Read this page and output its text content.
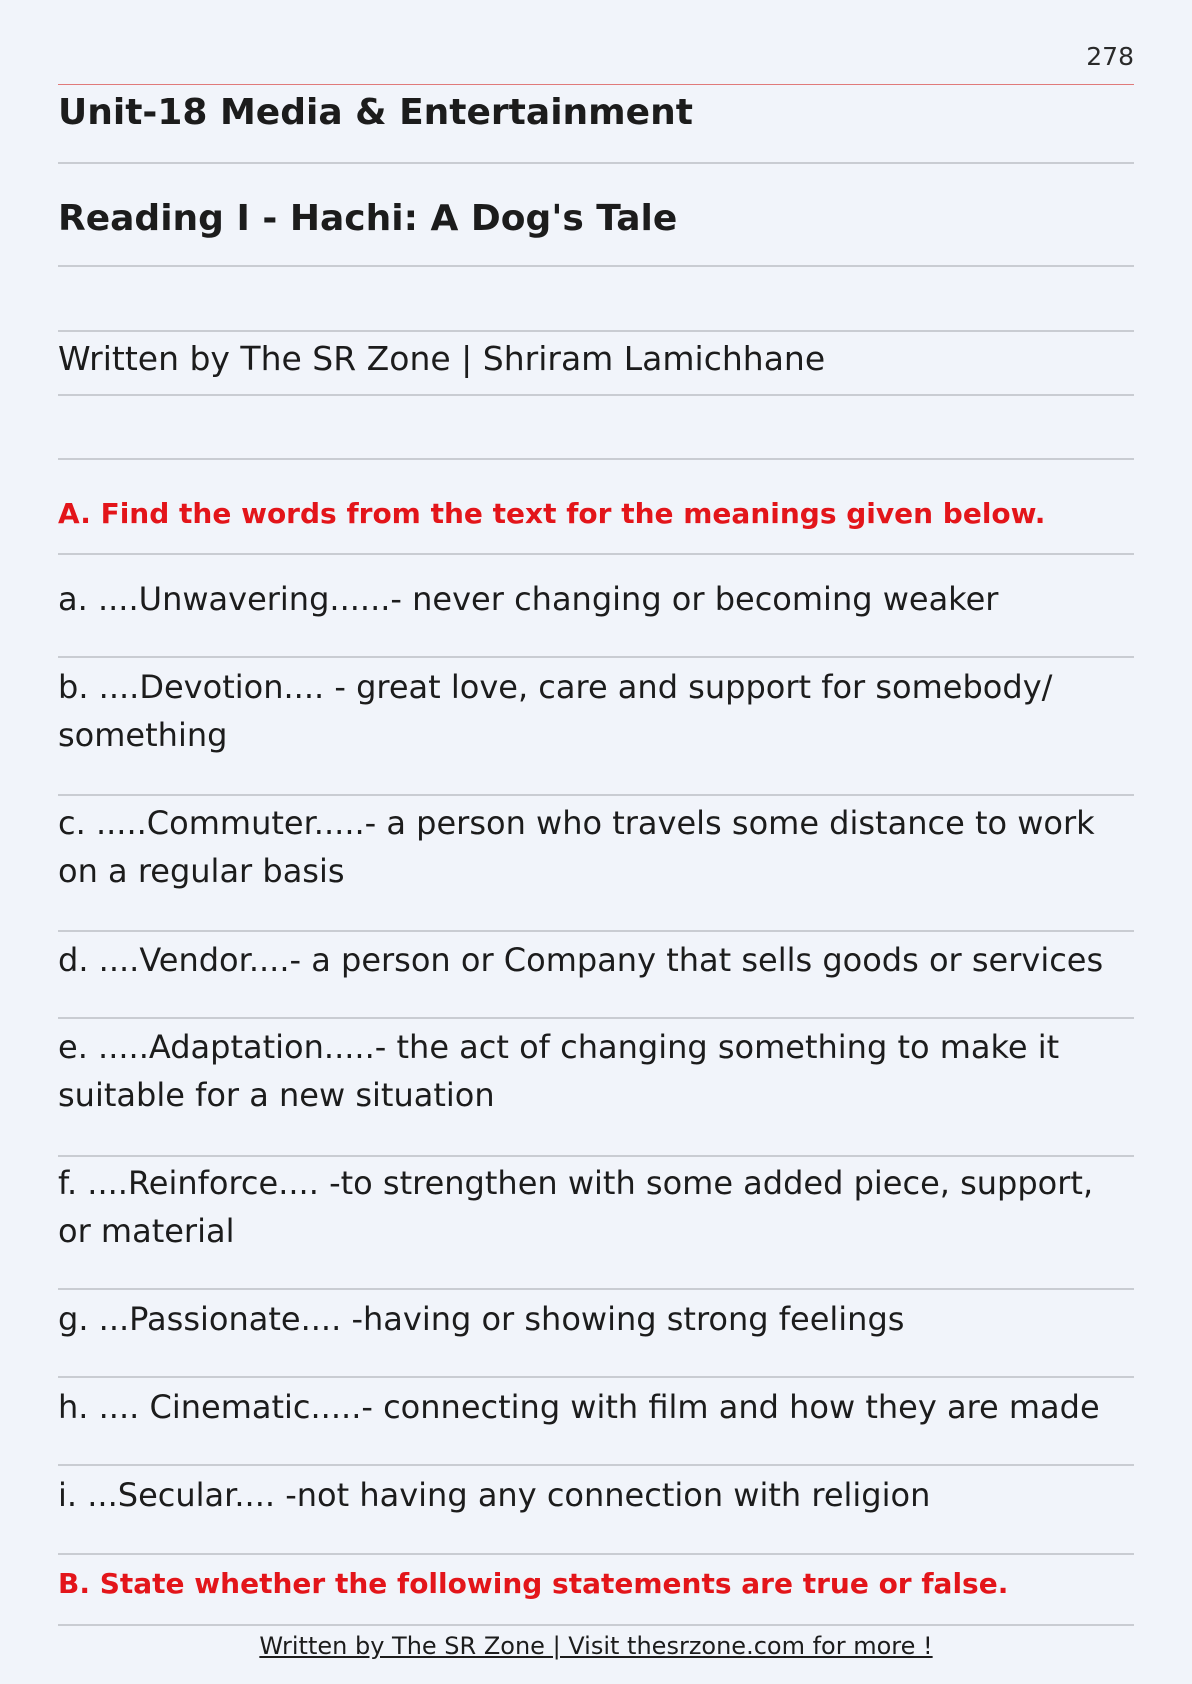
278
Unit-18 Media & Entertainment
Reading I - Hachi: A Dog's Tale
Written by The SR Zone | Shriram Lamichhane
A. Find the words from the text for the meanings given below.
a. ....Unwavering......- never changing or becoming weaker
b. ....Devotion.... - great love, care and support for somebody/ something
c. .....Commuter.....- a person who travels some distance to work on a regular basis
d. ....Vendor....- a person or Company that sells goods or services
e. .....Adaptation.....- the act of changing something to make it suitable for a new situation
f. ....Reinforce.... -to strengthen with some added piece, support, or material
g. ...Passionate.... -having or showing strong feelings
h. .... Cinematic.....- connecting with film and how they are made
i. ...Secular.... -not having any connection with religion
B. State whether the following statements are true or false.
Written by The SR Zone | Visit thesrzone.com for more !
